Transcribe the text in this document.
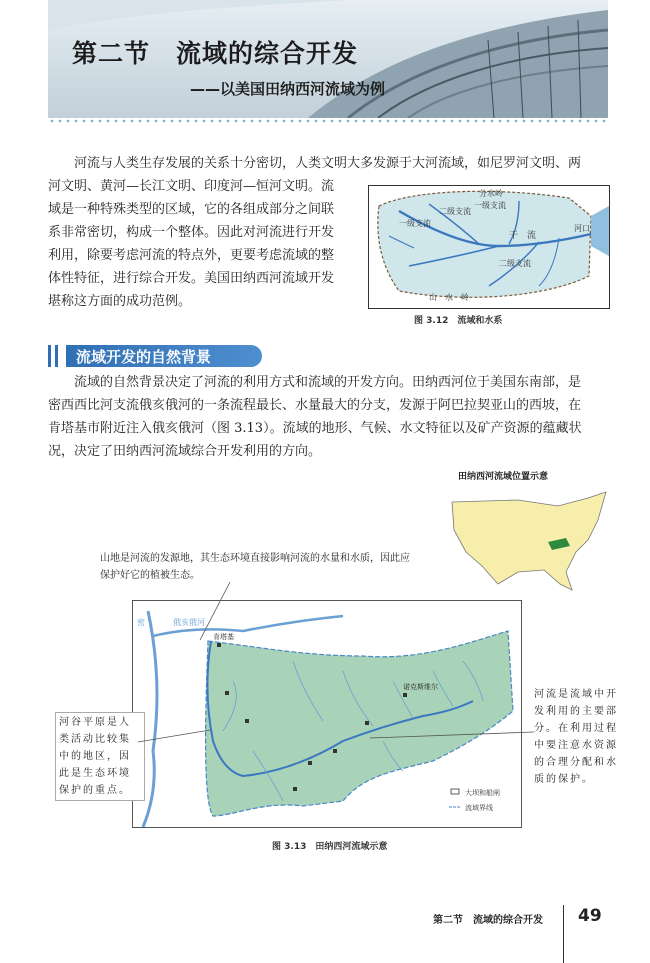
第二节　流域的综合开发
——以美国田纳西河流域为例
河流与人类生存发展的关系十分密切，人类文明大多发源于大河流域，如尼罗河文明、两
河文明、黄河—长江文明、印度河—恒河文明。流
域是一种特殊类型的区域，它的各组成部分之间联
系非常密切，构成一个整体。因此对河流进行开发
利用，除要考虑河流的特点外，更要考虑流域的整
体性特征，进行综合开发。美国田纳西河流域开发
堪称这方面的成功范例。
分水岭
一级支流
二级支流
一级支流
二级支流
干　流
河口
山　水　岭
图 3.12　流域和水系
流域开发的自然背景
流域的自然背景决定了河流的利用方式和流域的开发方向。田纳西河位于美国东南部，是
密西西比河支流俄亥俄河的一条流程最长、水量最大的分支，发源于阿巴拉契亚山的西坡，在
肯塔基市附近注入俄亥俄河（图 3.13）。流域的地形、气候、水文特征以及矿产资源的蕴藏状
况，决定了田纳西河流域综合开发利用的方向。
田纳西河流域位置示意
山地是河流的发源地，其生态环境直接影响河流的水量和水质，因此应保护好它的植被生态。
肯塔基
诺克斯维尔
密	俄亥俄河
大坝和船闸
流域界线
河谷平原是人类活动比较集中的地区，因此是生态环境保护的重点。
河流是流域中开发利用的主要部分。在利用过程中要注意水资源的合理分配和水质的保护。
图 3.13　田纳西河流域示意
第二节　流域的综合开发 49
